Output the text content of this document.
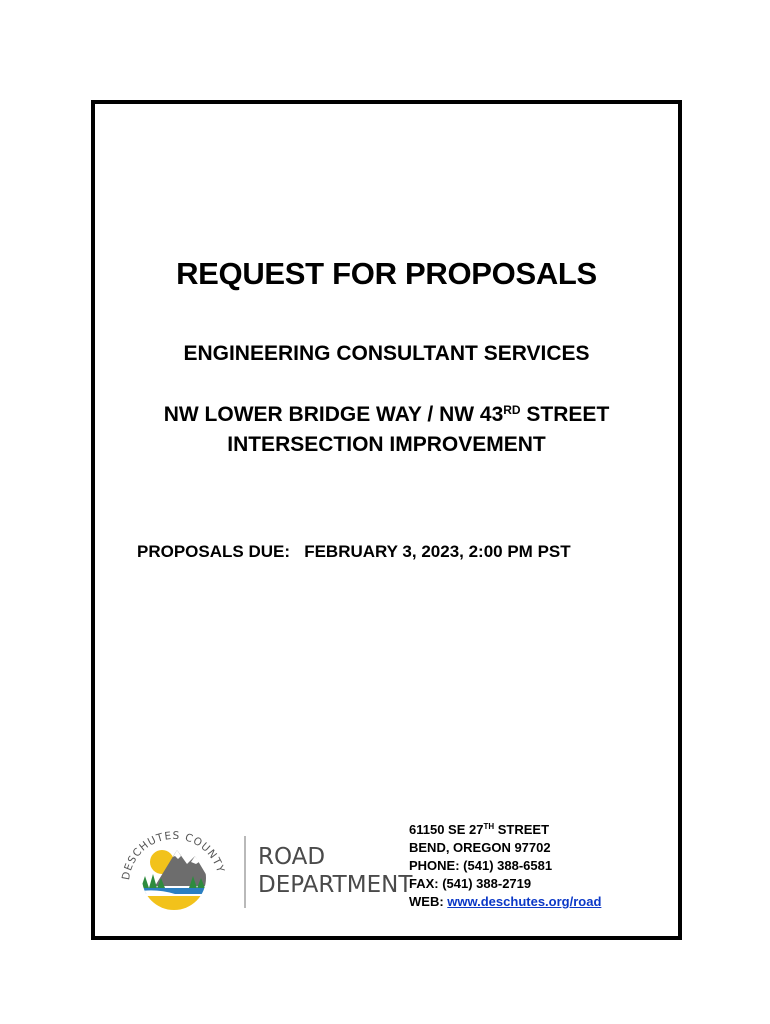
REQUEST FOR PROPOSALS
ENGINEERING CONSULTANT SERVICES
NW LOWER BRIDGE WAY / NW 43RD STREET
INTERSECTION IMPROVEMENT
PROPOSALS DUE: FEBRUARY 3, 2023, 2:00 PM PST
DESCHUTES COUNTY ROAD
DEPARTMENT
61150 SE 27TH STREET
BEND, OREGON 97702
PHONE: (541) 388-6581
FAX: (541) 388-2719
WEB: www.deschutes.org/road
